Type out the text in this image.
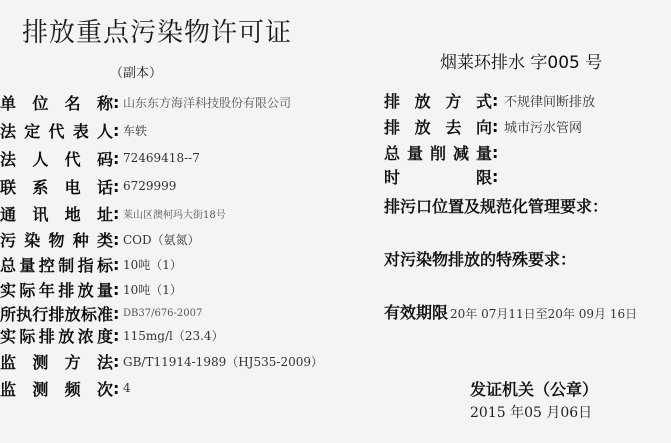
排放重点污染物许可证
（副本）
烟莱环排水 字005 号
单位名称 : 山东东方海洋科技股份有限公司
法定代表人 : 车轶
法人代码 : 72469418--7
联系电话 : 6729999
通讯地址 : 莱山区澳柯玛大街18号
污染物种类 : COD（氨氮）
总量控制指标 : 10吨（1）
实际年排放量 : 10吨（1）
所执行排放标准 : DB37/676-2007
实际排放浓度 : 115mg/l（23.4）
监测方法 : GB/T11914-1989（HJ535-2009）
监测频次 : 4
排放方式 : 不规律间断排放
排放去向 : 城市污水管网
总量削减量 :
时限 :
排污口位置及规范化管理要求：
对污染物排放的特殊要求：
有效期限 20年 07月11日至20年 09月 16日
发证机关（公章）
2015 年05 月06日
